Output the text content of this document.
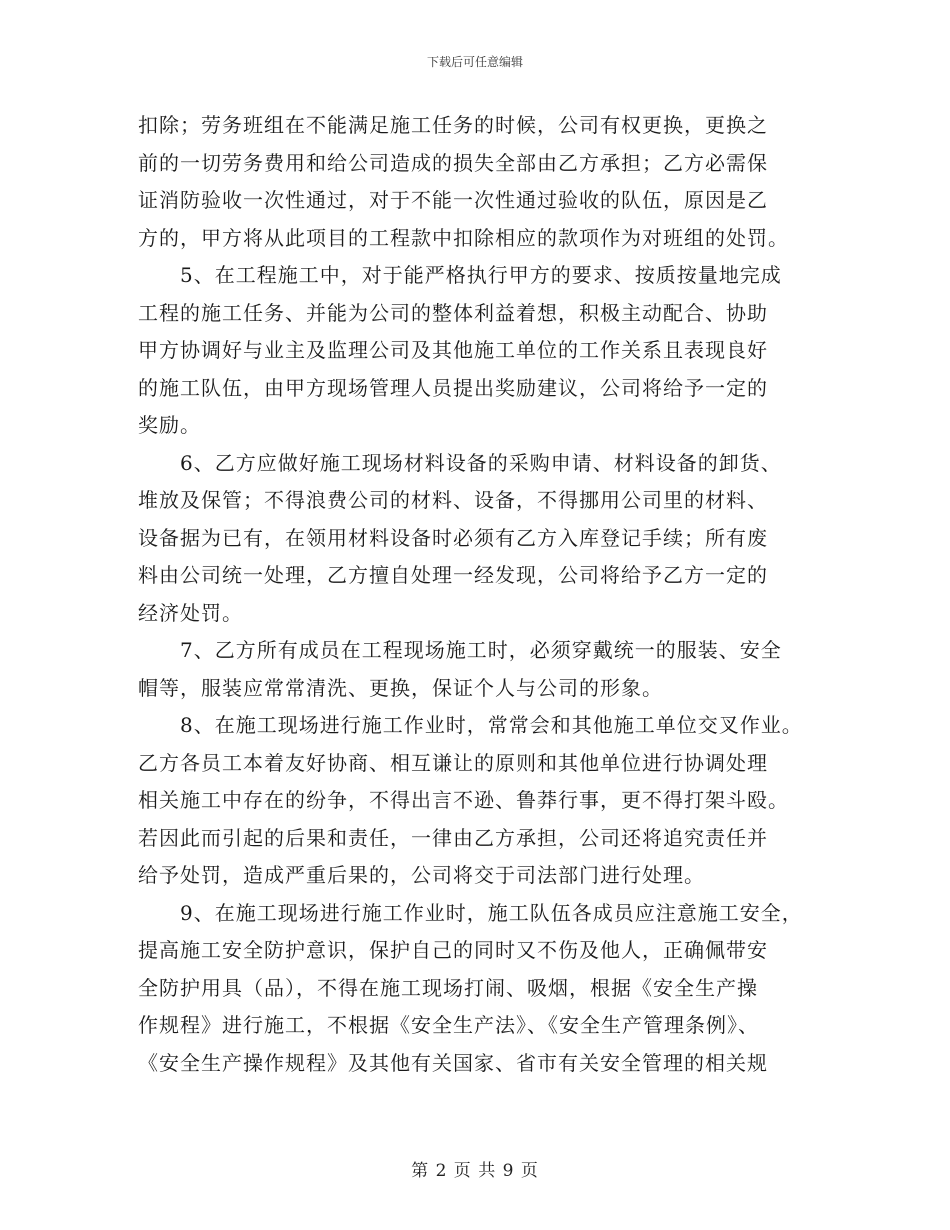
下载后可任意编辑
扣除；劳务班组在不能满足施工任务的时候，公司有权更换，更换之
前的一切劳务费用和给公司造成的损失全部由乙方承担；乙方必需保
证消防验收一次性通过，对于不能一次性通过验收的队伍，原因是乙
方的，甲方将从此项目的工程款中扣除相应的款项作为对班组的处罚。
　　5、在工程施工中，对于能严格执行甲方的要求、按质按量地完成
工程的施工任务、并能为公司的整体利益着想，积极主动配合、协助
甲方协调好与业主及监理公司及其他施工单位的工作关系且表现良好
的施工队伍，由甲方现场管理人员提出奖励建议，公司将给予一定的
奖励。
　　6、乙方应做好施工现场材料设备的采购申请、材料设备的卸货、
堆放及保管；不得浪费公司的材料、设备，不得挪用公司里的材料、
设备据为已有，在领用材料设备时必须有乙方入库登记手续；所有废
料由公司统一处理，乙方擅自处理一经发现，公司将给予乙方一定的
经济处罚。
　　7、乙方所有成员在工程现场施工时，必须穿戴统一的服装、安全
帽等，服装应常常清洗、更换，保证个人与公司的形象。
　　8、在施工现场进行施工作业时，常常会和其他施工单位交叉作业。
乙方各员工本着友好协商、相互谦让的原则和其他单位进行协调处理
相关施工中存在的纷争，不得出言不逊、鲁莽行事，更不得打架斗殴。
若因此而引起的后果和责任，一律由乙方承担，公司还将追究责任并
给予处罚，造成严重后果的，公司将交于司法部门进行处理。
　　9、在施工现场进行施工作业时，施工队伍各成员应注意施工安全，
提高施工安全防护意识，保护自己的同时又不伤及他人，正确佩带安
全防护用具（品），不得在施工现场打闹、吸烟，根据《安全生产操
作规程》进行施工，不根据《安全生产法》、《安全生产管理条例》、
《安全生产操作规程》及其他有关国家、省市有关安全管理的相关规
第 2 页 共 9 页
